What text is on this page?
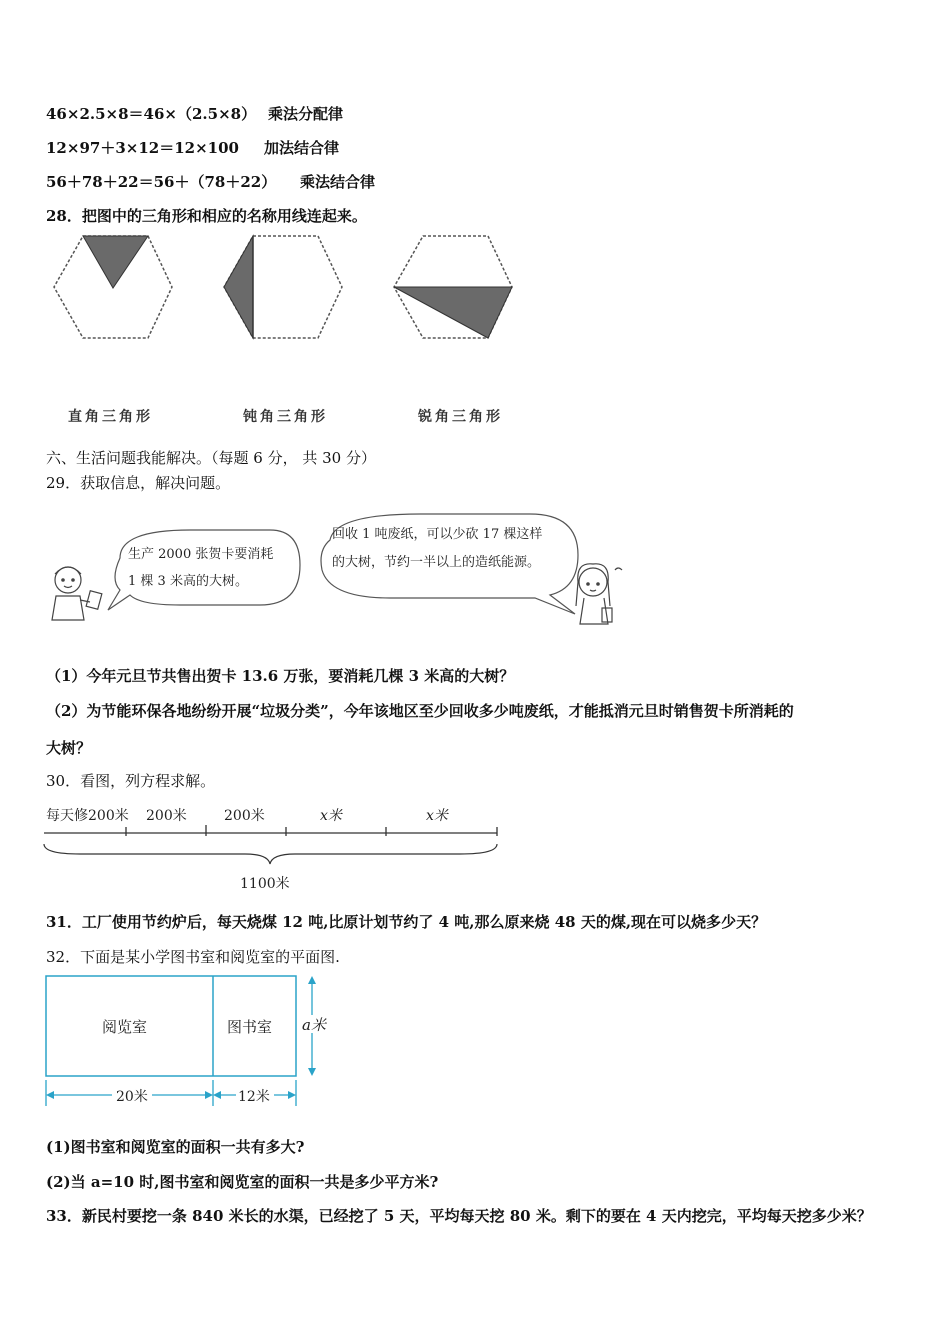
46×2.5×8＝46×（2.5×8） 乘法分配律
12×97＋3×12＝12×100 加法结合律
56＋78＋22＝56＋（78＋22） 乘法结合律
28．把图中的三角形和相应的名称用线连起来。
直角三角形	钝角三角形	锐角三角形
六、生活问题我能解决。（每题 6 分， 共 30 分）
29．获取信息，解决问题。
生产 2000 张贺卡要消耗
1 棵 3 米高的大树。
回收 1 吨废纸，可以少砍 17 棵这样
的大树，节约一半以上的造纸能源。
（1）今年元旦节共售出贺卡 13.6 万张，要消耗几棵 3 米高的大树？
（2）为节能环保各地纷纷开展“垃圾分类”，今年该地区至少回收多少吨废纸，才能抵消元旦时销售贺卡所消耗的
大树？
30．看图，列方程求解。
每天修200米 200米	200米	x米	x米
1100米
31．工厂使用节约炉后，每天烧煤 12 吨,比原计划节约了 4 吨,那么原来烧 48 天的煤,现在可以烧多少天？
32．下面是某小学图书室和阅览室的平面图.
阅览室	图书室 a米
20米	12米
(1)图书室和阅览室的面积一共有多大?
(2)当 a=10 时,图书室和阅览室的面积一共是多少平方米?
33．新民村要挖一条 840 米长的水渠，已经挖了 5 天，平均每天挖 80 米。剩下的要在 4 天内挖完，平均每天挖多少米？
